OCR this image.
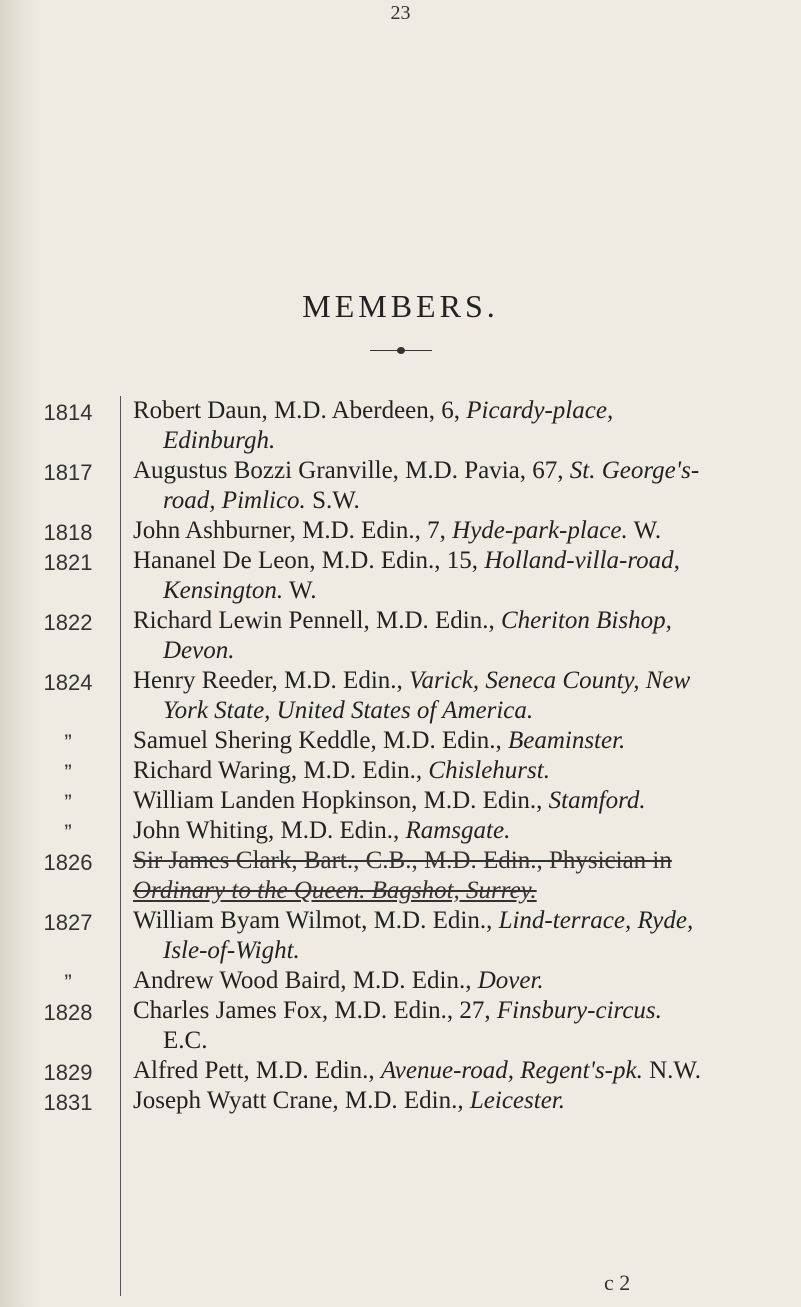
23
MEMBERS.
1814	Robert Daun, M.D. Aberdeen, 6, Picardy-place,
Edinburgh.
1817	Augustus Bozzi Granville, M.D. Pavia, 67, St. George's-
road, Pimlico. S.W.
1818	John Ashburner, M.D. Edin., 7, Hyde-park-place. W.
1821	Hananel De Leon, M.D. Edin., 15, Holland-villa-road,
Kensington. W.
1822	Richard Lewin Pennell, M.D. Edin., Cheriton Bishop,
Devon.
1824	Henry Reeder, M.D. Edin., Varick, Seneca County, New
York State, United States of America.
”	Samuel Shering Keddle, M.D. Edin., Beaminster.
”	Richard Waring, M.D. Edin., Chislehurst.
”	William Landen Hopkinson, M.D. Edin., Stamford.
”	John Whiting, M.D. Edin., Ramsgate.
1826	Sir James Clark, Bart., C.B., M.D. Edin., Physician in
Ordinary to the Queen. Bagshot, Surrey.
1827	William Byam Wilmot, M.D. Edin., Lind-terrace, Ryde,
Isle-of-Wight.
”	Andrew Wood Baird, M.D. Edin., Dover.
1828	Charles James Fox, M.D. Edin., 27, Finsbury-circus.
E.C.
1829	Alfred Pett, M.D. Edin., Avenue-road, Regent's-pk. N.W.
1831	Joseph Wyatt Crane, M.D. Edin., Leicester.
c 2
